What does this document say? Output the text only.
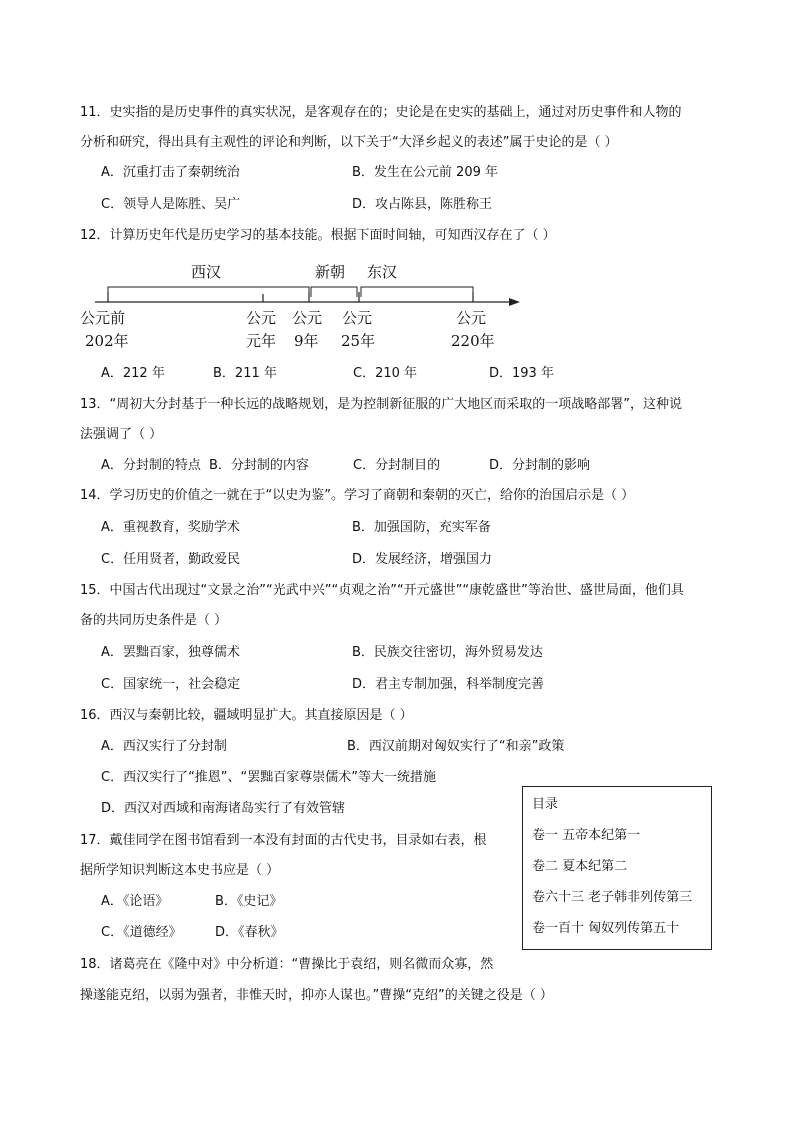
11．史实指的是历史事件的真实状况，是客观存在的；史论是在史实的基础上，通过对历史事件和人物的
分析和研究，得出具有主观性的评论和判断，以下关于“大泽乡起义的表述”属于史论的是（ ）
A．沉重打击了秦朝统治	B．发生在公元前 209 年
C．领导人是陈胜、吴广	D．攻占陈县，陈胜称王
12．计算历史年代是历史学习的基本技能。根据下面时间轴，可知西汉存在了（ ）
西汉	新朝 东汉
公元前
202年
公元
元年
公元
9年
公元
25年
公元
220年
A．212 年	B．211 年	C．210 年	D．193 年
13．“周初大分封基于一种长远的战略规划，是为控制新征服的广大地区而采取的一项战略部署”，这种说
法强调了（ ）
A．分封制的特点 B．分封制的内容	C．分封制目的	D．分封制的影响
14．学习历史的价值之一就在于“以史为鉴”。学习了商朝和秦朝的灭亡，给你的治国启示是（ ）
A．重视教育，奖励学术	B．加强国防，充实军备
C．任用贤者，勤政爱民	D．发展经济，增强国力
15．中国古代出现过“文景之治”“光武中兴”“贞观之治”“开元盛世”“康乾盛世”等治世、盛世局面，他们具
备的共同历史条件是（ ）
A．罢黜百家，独尊儒术	B．民族交往密切，海外贸易发达
C．国家统一，社会稳定	D．君主专制加强，科举制度完善
16．西汉与秦朝比较，疆域明显扩大。其直接原因是（ ）
A．西汉实行了分封制	B．西汉前期对匈奴实行了“和亲”政策
C．西汉实行了“推恩”、“罢黜百家尊崇儒术”等大一统措施
D．西汉对西域和南海诸岛实行了有效管辖
17．戴佳同学在图书馆看到一本没有封面的古代史书，目录如右表，根
据所学知识判断这本史书应是（ ）
A．《论语》	B．《史记》
C．《道德经》	D．《春秋》
目录
卷一 五帝本纪第一
卷二 夏本纪第二
卷六十三 老子韩非列传第三
卷一百十 匈奴列传第五十
18．诸葛亮在《隆中对》中分析道：“曹操比于袁绍，则名微而众寡，然
操遂能克绍，以弱为强者，非惟天时，抑亦人谋也。”曹操“克绍”的关键之役是（ ）
